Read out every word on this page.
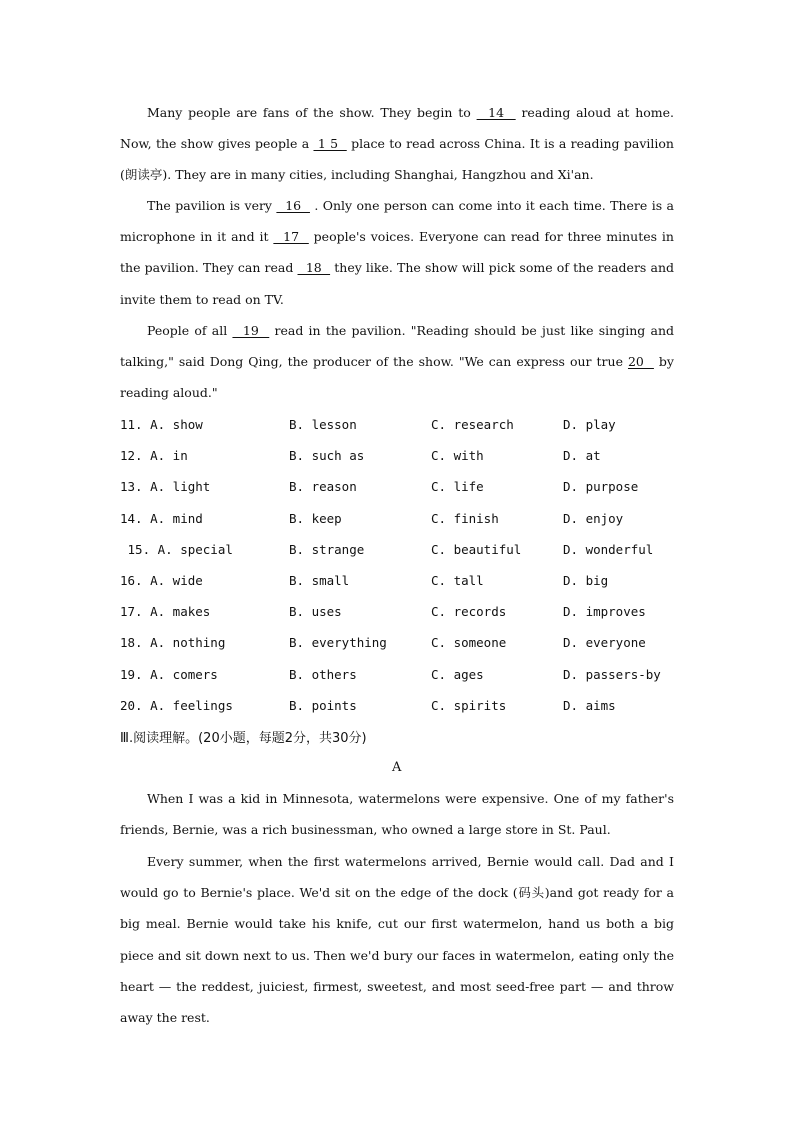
Many people are fans of the show. They begin to   14   reading aloud at home. Now, the show gives people a  1 5   place to read across China. It is a reading pavilion (朗读亭). They are in many cities, including Shanghai, Hangzhou and Xi'an.
The pavilion is very   16   . Only one person can come into it each time. There is a microphone in it and it   17   people's voices. Everyone can read for three minutes in the pavilion. They can read   18   they like. The show will pick some of the readers and invite them to read on TV.
People of all   19   read in the pavilion. "Reading should be just like singing and talking," said Dong Qing, the producer of the show. "We can express our true 20   by reading aloud."
11. A. show	B. lesson	C. research	D. play
12. A. in	B. such as	C. with	D. at
13. A. light	B. reason	C. life	D. purpose
14. A. mind	B. keep	C. finish	D. enjoy
15. A. special	B. strange	C. beautiful	D. wonderful
16. A. wide	B. small	C. tall	D. big
17. A. makes	B. uses	C. records	D. improves
18. A. nothing	B. everything	C. someone	D. everyone
19. A. comers	B. others	C. ages	D. passers-by
20. A. feelings	B. points	C. spirits	D. aims
Ⅲ.阅读理解。(20小题，每题2分，共30分)
A
When I was a kid in Minnesota, watermelons were expensive. One of my father's friends, Bernie, was a rich businessman, who owned a large store in St. Paul.
Every summer, when the first watermelons arrived, Bernie would call. Dad and I would go to Bernie's place. We'd sit on the edge of the dock (码头)and got ready for a big meal. Bernie would take his knife, cut our first watermelon, hand us both a big piece and sit down next to us. Then we'd bury our faces in watermelon, eating only the heart — the reddest, juiciest, firmest, sweetest, and most seed-free part — and throw away the rest.
